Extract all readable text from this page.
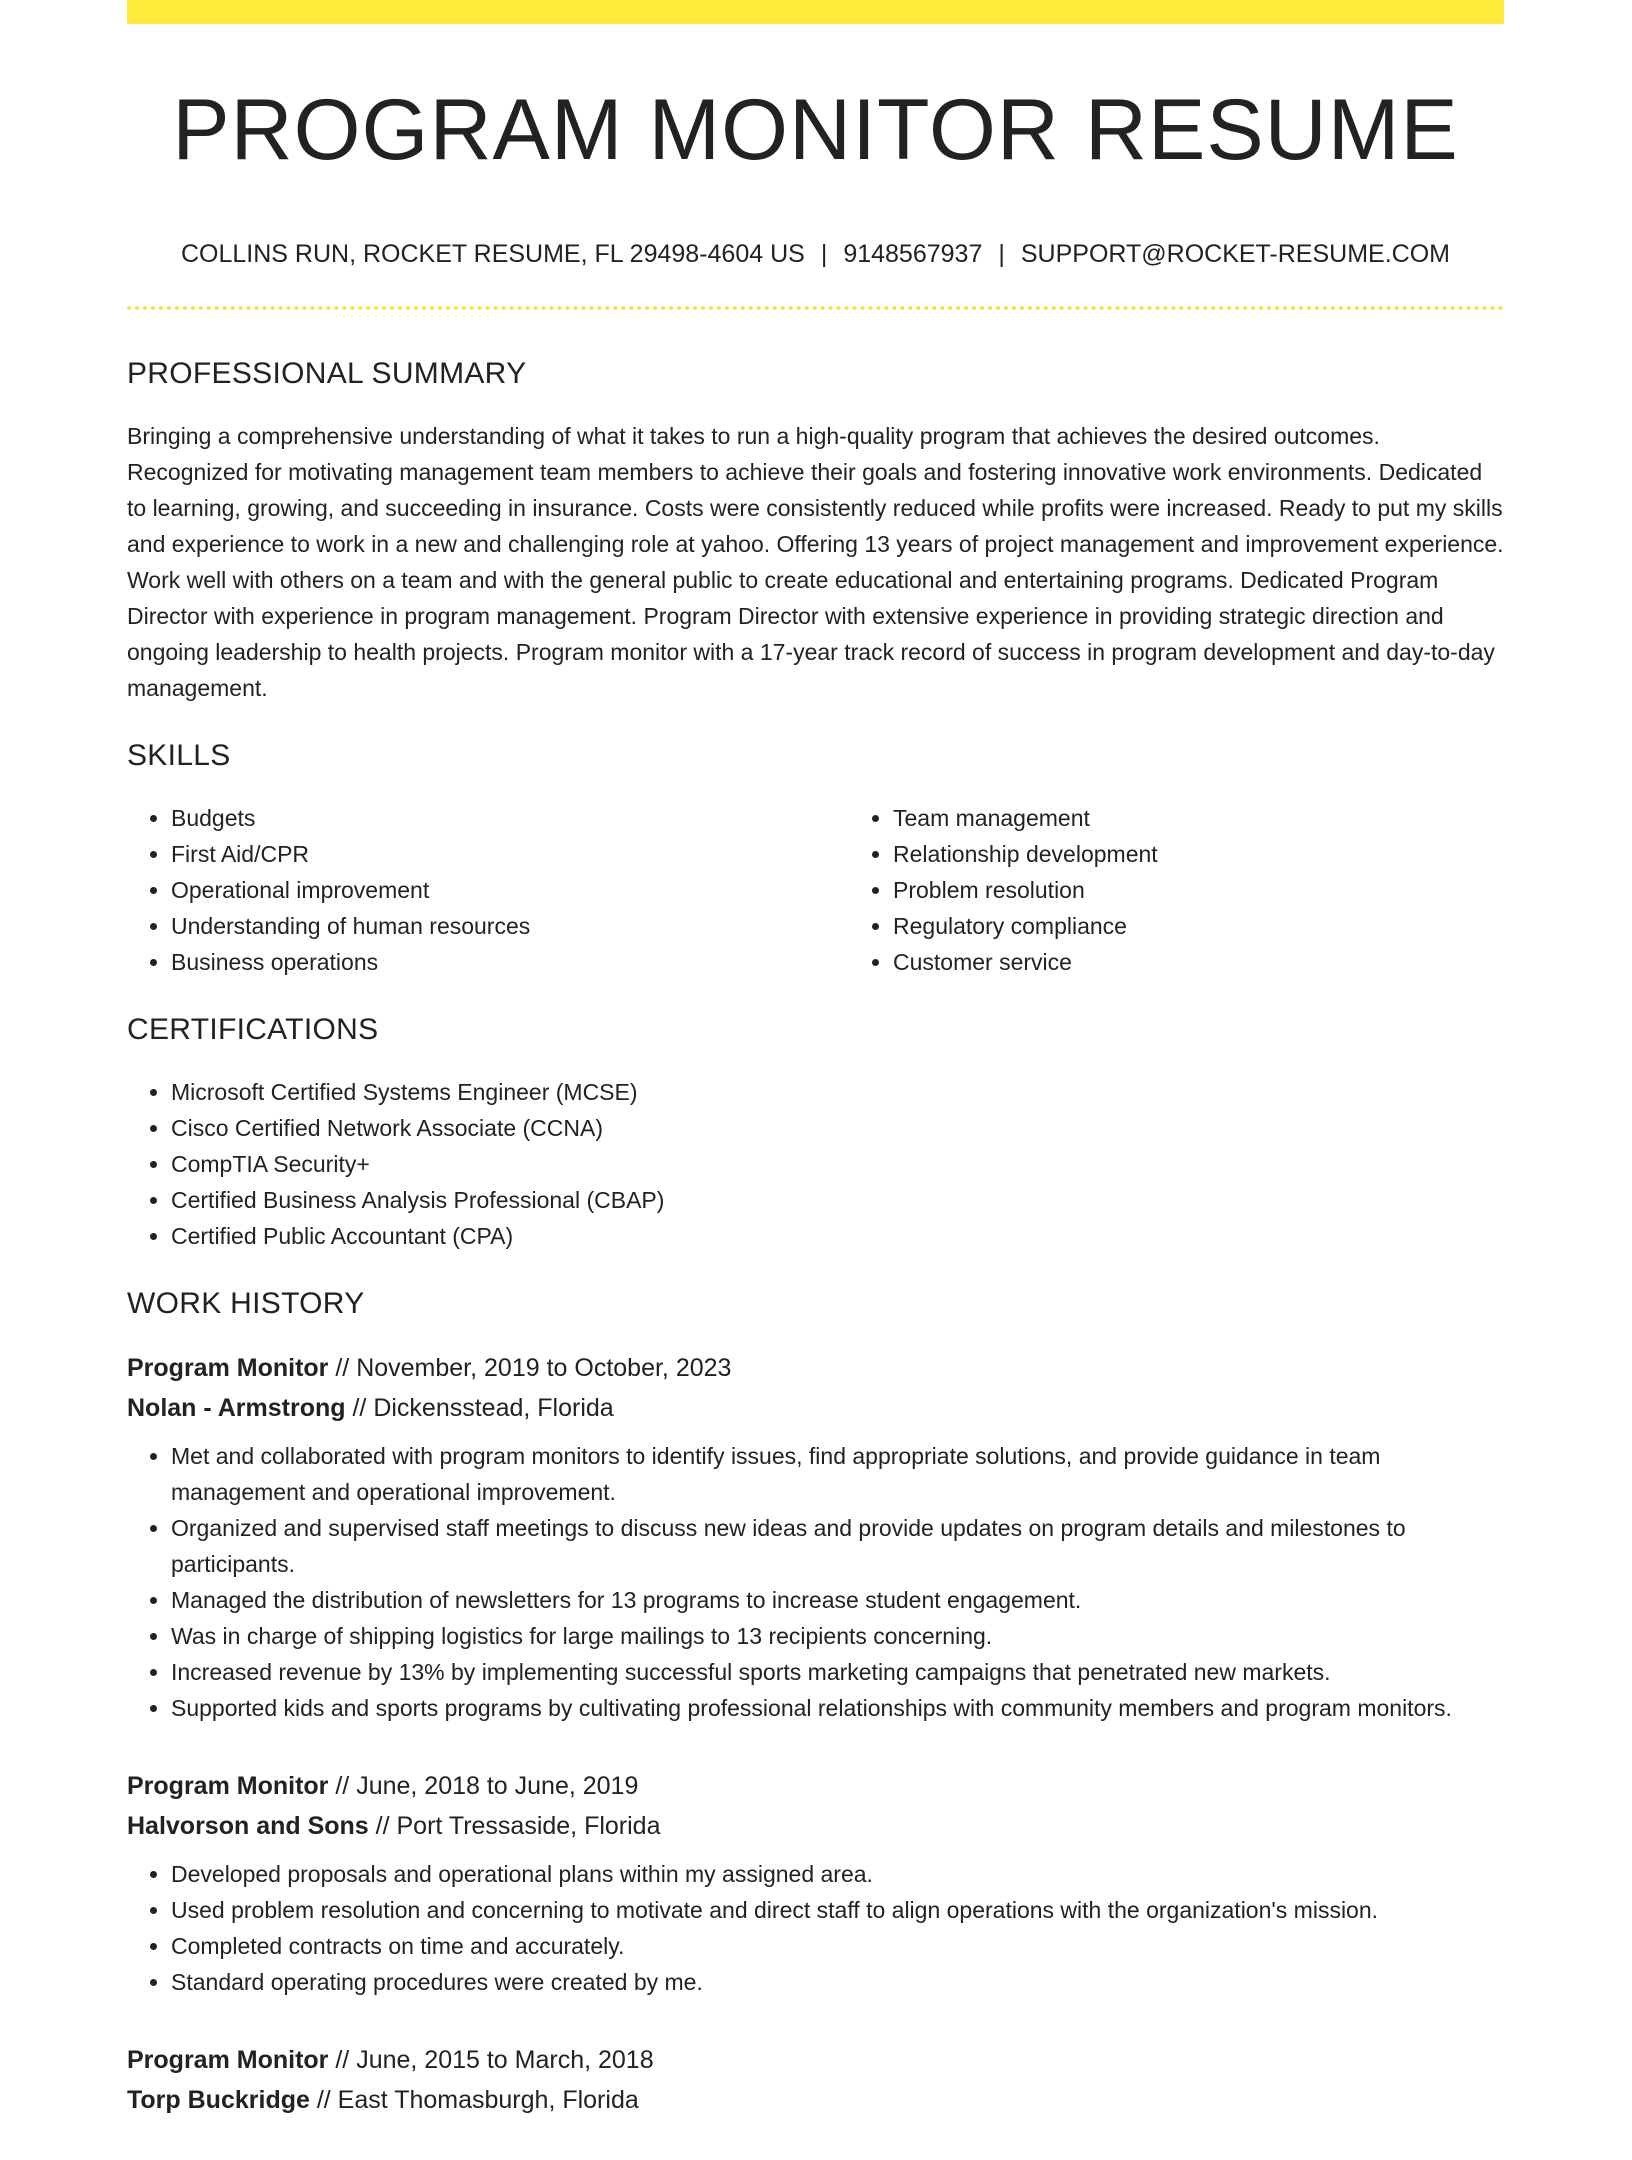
PROGRAM MONITOR RESUME
COLLINS RUN, ROCKET RESUME, FL 29498-4604 US | 9148567937 | SUPPORT@ROCKET-RESUME.COM
PROFESSIONAL SUMMARY

Bringing a comprehensive understanding of what it takes to run a high-quality program that achieves the desired outcomes. Recognized for motivating management team members to achieve their goals and fostering innovative work environments. Dedicated to learning, growing, and succeeding in insurance. Costs were consistently reduced while profits were increased. Ready to put my skills and experience to work in a new and challenging role at yahoo. Offering 13 years of project management and improvement experience. Work well with others on a team and with the general public to create educational and entertaining programs. Dedicated Program Director with experience in program management. Program Director with extensive experience in providing strategic direction and ongoing leadership to health projects. Program monitor with a 17-year track record of success in program development and day-to-day management.

SKILLS
• Budgets
• First Aid/CPR
• Operational improvement
• Understanding of human resources
• Business operations
• Team management
• Relationship development
• Problem resolution
• Regulatory compliance
• Customer service
CERTIFICATIONS
• Microsoft Certified Systems Engineer (MCSE)
• Cisco Certified Network Associate (CCNA)
• CompTIA Security+
• Certified Business Analysis Professional (CBAP)
• Certified Public Accountant (CPA)
WORK HISTORY
Program Monitor // November, 2019 to October, 2023
Nolan - Armstrong // Dickensstead, Florida
• Met and collaborated with program monitors to identify issues, find appropriate solutions, and provide guidance in team management and operational improvement.
• Organized and supervised staff meetings to discuss new ideas and provide updates on program details and milestones to participants.
• Managed the distribution of newsletters for 13 programs to increase student engagement.
• Was in charge of shipping logistics for large mailings to 13 recipients concerning.
• Increased revenue by 13% by implementing successful sports marketing campaigns that penetrated new markets.
• Supported kids and sports programs by cultivating professional relationships with community members and program monitors.
Program Monitor // June, 2018 to June, 2019
Halvorson and Sons // Port Tressaside, Florida
• Developed proposals and operational plans within my assigned area.
• Used problem resolution and concerning to motivate and direct staff to align operations with the organization's mission.
• Completed contracts on time and accurately.
• Standard operating procedures were created by me.
Program Monitor // June, 2015 to March, 2018
Torp Buckridge // East Thomasburgh, Florida
